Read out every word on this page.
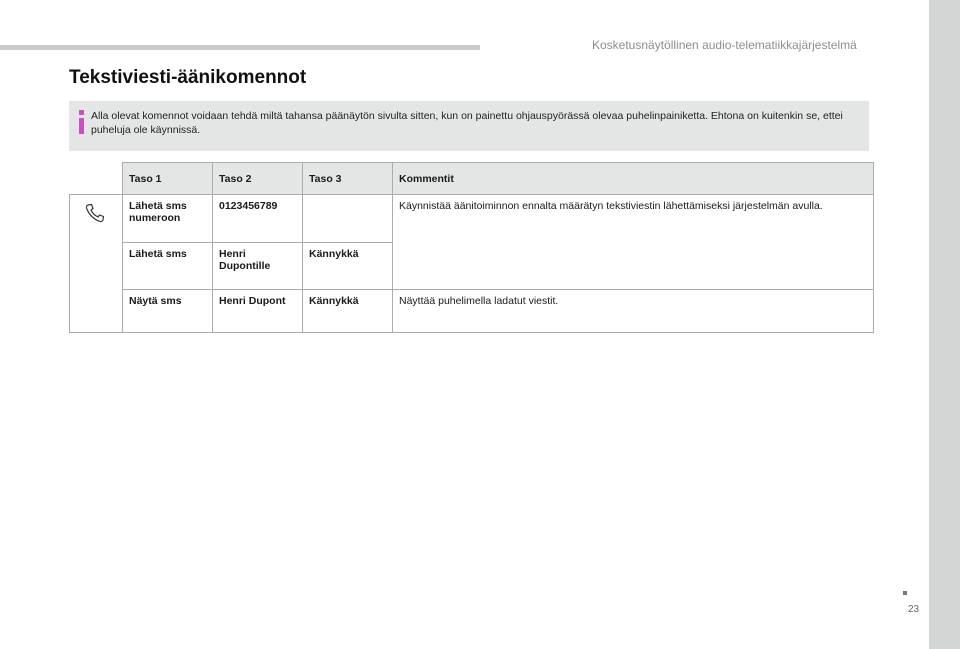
Kosketusnäytöllinen audio-telematiikkajärjestelmä
Tekstiviesti-äänikomennot
Alla olevat komennot voidaan tehdä miltä tahansa päänäytön sivulta sitten, kun on painettu ohjauspyörässä olevaa puhelinpainiketta. Ehtona on kuitenkin se, ettei puheluja ole käynnissä.
	Taso 1	Taso 2	Taso 3	Kommentit

	Lähetä sms numeroon	0123456789		Käynnistää äänitoiminnon ennalta määrätyn tekstiviestin lähettämiseksi järjestelmän avulla.
	Lähetä sms	Henri Dupontille	Kännykkä	
	Näytä sms	Henri Dupont	Kännykkä	Näyttää puhelimella ladatut viestit.
23
